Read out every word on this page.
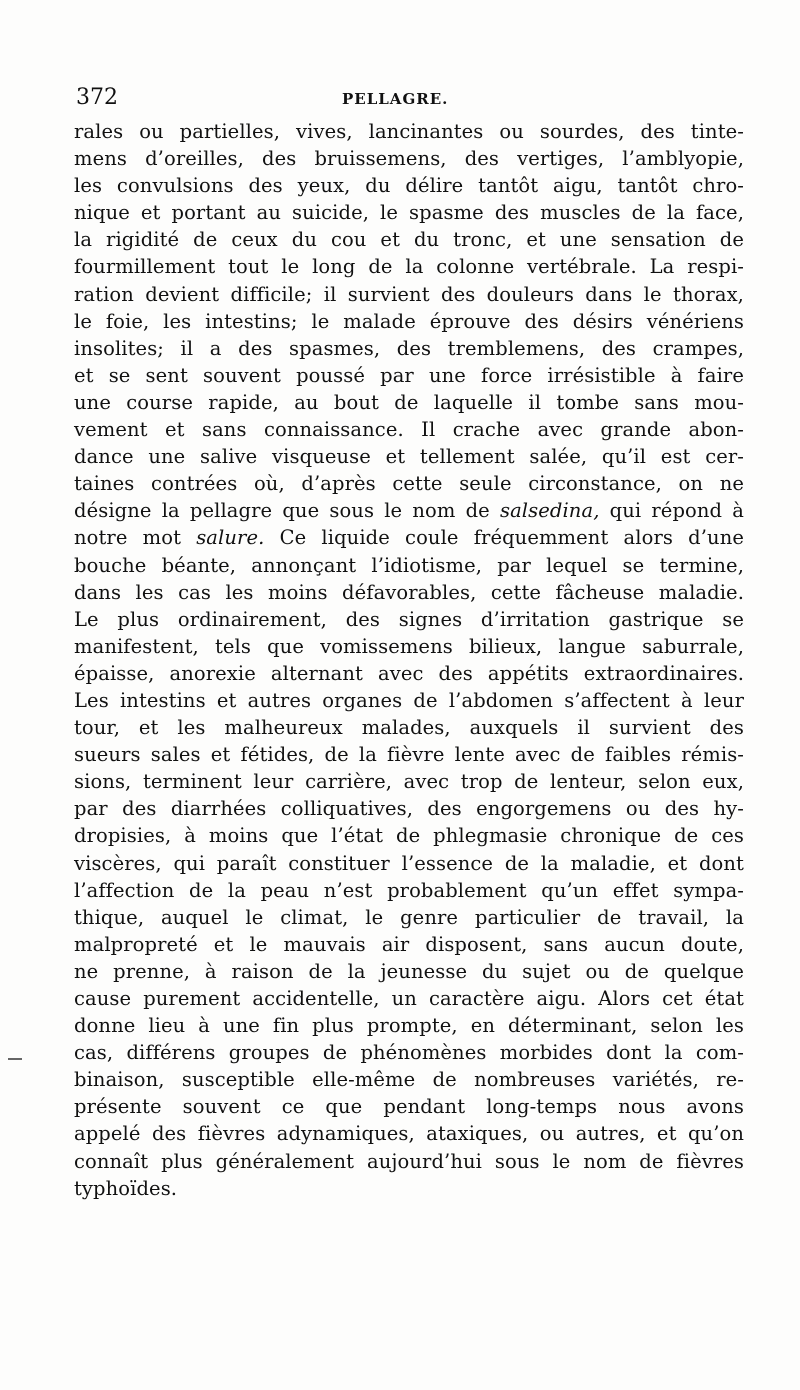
372	PELLAGRE.
rales ou partielles, vives, lancinantes ou sourdes, des tinte-
mens d’oreilles, des bruissemens, des vertiges, l’amblyopie,
les convulsions des yeux, du délire tantôt aigu, tantôt chro-
nique et portant au suicide, le spasme des muscles de la face,
la rigidité de ceux du cou et du tronc, et une sensation de
fourmillement tout le long de la colonne vertébrale. La respi-
ration devient difficile; il survient des douleurs dans le thorax,
le foie, les intestins; le malade éprouve des désirs vénériens
insolites; il a des spasmes, des tremblemens, des crampes,
et se sent souvent poussé par une force irrésistible à faire
une course rapide, au bout de laquelle il tombe sans mou-
vement et sans connaissance. Il crache avec grande abon-
dance une salive visqueuse et tellement salée, qu’il est cer-
taines contrées où, d’après cette seule circonstance, on ne
désigne la pellagre que sous le nom de salsedina, qui répond à
notre mot salure. Ce liquide coule fréquemment alors d’une
bouche béante, annonçant l’idiotisme, par lequel se termine,
dans les cas les moins défavorables, cette fâcheuse maladie.
Le plus ordinairement, des signes d’irritation gastrique se
manifestent, tels que vomissemens bilieux, langue saburrale,
épaisse, anorexie alternant avec des appétits extraordinaires.
Les intestins et autres organes de l’abdomen s’affectent à leur
tour, et les malheureux malades, auxquels il survient des
sueurs sales et fétides, de la fièvre lente avec de faibles rémis-
sions, terminent leur carrière, avec trop de lenteur, selon eux,
par des diarrhées colliquatives, des engorgemens ou des hy-
dropisies, à moins que l’état de phlegmasie chronique de ces
viscères, qui paraît constituer l’essence de la maladie, et dont
l’affection de la peau n’est probablement qu’un effet sympa-
thique, auquel le climat, le genre particulier de travail, la
malpropreté et le mauvais air disposent, sans aucun doute,
ne prenne, à raison de la jeunesse du sujet ou de quelque
cause purement accidentelle, un caractère aigu. Alors cet état
donne lieu à une fin plus prompte, en déterminant, selon les
cas, différens groupes de phénomènes morbides dont la com-
binaison, susceptible elle-même de nombreuses variétés, re-
présente souvent ce que pendant long-temps nous avons
appelé des fièvres adynamiques, ataxiques, ou autres, et qu’on
connaît plus généralement aujourd’hui sous le nom de fièvres
typhoïdes.
